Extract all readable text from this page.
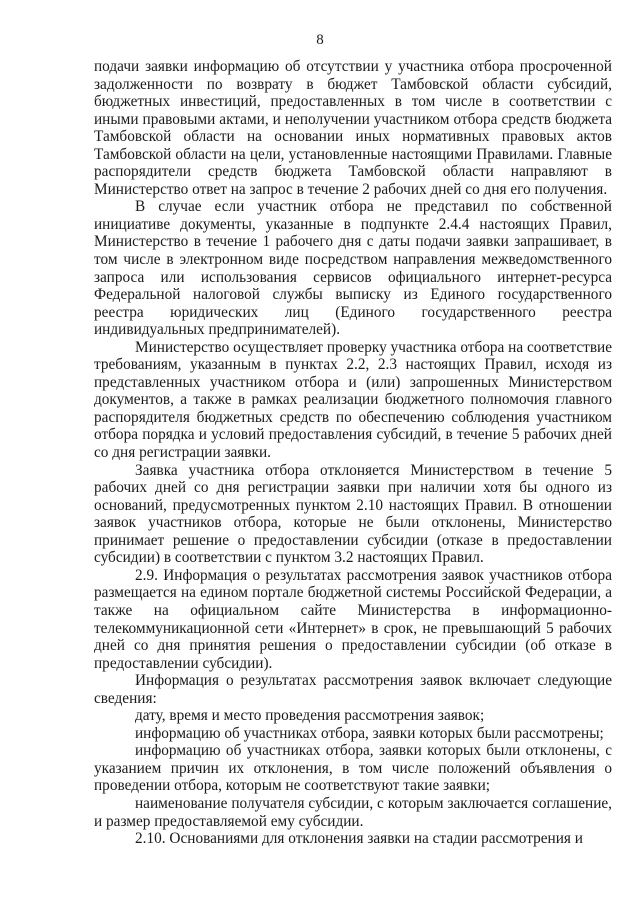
8

подачи заявки информацию об отсутствии у участника отбора просроченной задолженности по возврату в бюджет Тамбовской области субсидий, бюджетных инвестиций, предоставленных в том числе в соответствии с иными правовыми актами, и неполучении участником отбора средств бюджета Тамбовской области на основании иных нормативных правовых актов Тамбовской области на цели, установленные настоящими Правилами. Главные распорядители средств бюджета Тамбовской области направляют в Министерство ответ на запрос в течение 2 рабочих дней со дня его получения.

В случае если участник отбора не представил по собственной инициативе документы, указанные в подпункте 2.4.4 настоящих Правил, Министерство в течение 1 рабочего дня с даты подачи заявки запрашивает, в том числе в электронном виде посредством направления межведомственного запроса или использования сервисов официального интернет-ресурса Федеральной налоговой службы выписку из Единого государственного реестра юридических лиц (Единого государственного реестра индивидуальных предпринимателей).

Министерство осуществляет проверку участника отбора на соответствие требованиям, указанным в пунктах 2.2, 2.3 настоящих Правил, исходя из представленных участником отбора и (или) запрошенных Министерством документов, а также в рамках реализации бюджетного полномочия главного распорядителя бюджетных средств по обеспечению соблюдения участником отбора порядка и условий предоставления субсидий, в течение 5 рабочих дней со дня регистрации заявки.

Заявка участника отбора отклоняется Министерством в течение 5 рабочих дней со дня регистрации заявки при наличии хотя бы одного из оснований, предусмотренных пунктом 2.10 настоящих Правил. В отношении заявок участников отбора, которые не были отклонены, Министерство принимает решение о предоставлении субсидии (отказе в предоставлении субсидии) в соответствии с пунктом 3.2 настоящих Правил.

2.9. Информация о результатах рассмотрения заявок участников отбора размещается на едином портале бюджетной системы Российской Федерации, а также на официальном сайте Министерства в информационно-телекоммуникационной сети «Интернет» в срок, не превышающий 5 рабочих дней со дня принятия решения о предоставлении субсидии (об отказе в предоставлении субсидии).

Информация о результатах рассмотрения заявок включает следующие сведения:

дату, время и место проведения рассмотрения заявок;

информацию об участниках отбора, заявки которых были рассмотрены;

информацию об участниках отбора, заявки которых были отклонены, с указанием причин их отклонения, в том числе положений объявления о проведении отбора, которым не соответствуют такие заявки;

наименование получателя субсидии, с которым заключается соглашение, и размер предоставляемой ему субсидии.

2.10. Основаниями для отклонения заявки на стадии рассмотрения и
